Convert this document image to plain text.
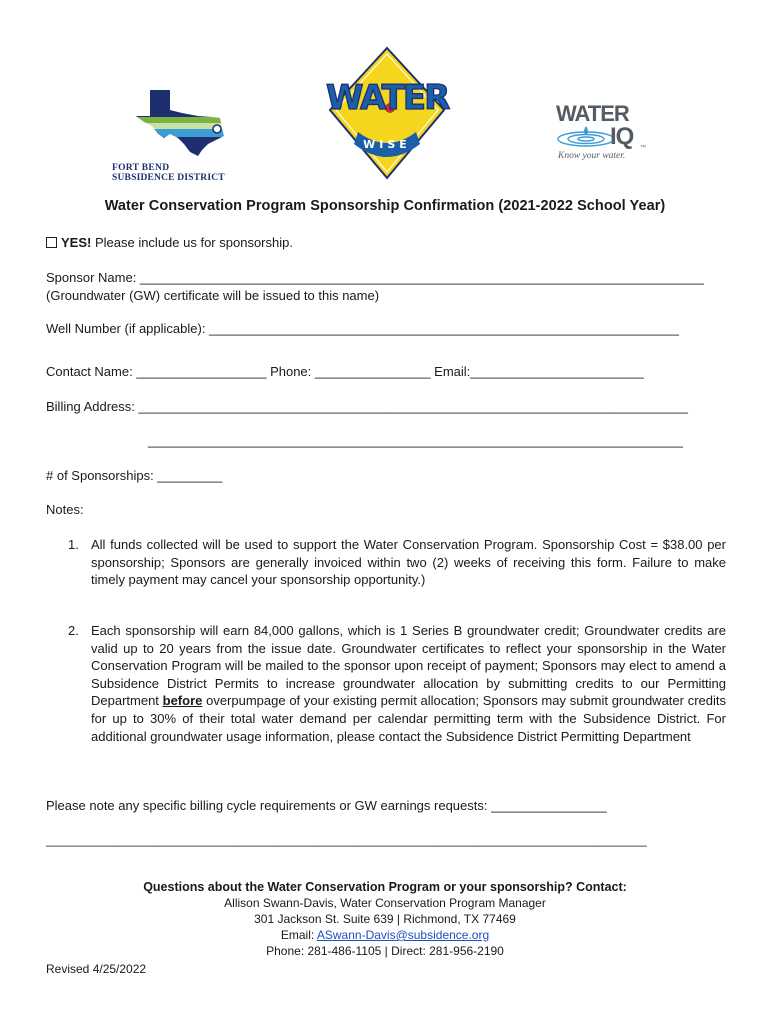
FORT BEND
SUBSIDENCE DISTRICT
WATER
WISE
WATER
IQ ™
Know your water.
Water Conservation Program Sponsorship Confirmation (2021-2022 School Year)
YES! Please include us for sponsorship.
Sponsor Name: ______________________________________________________________________________
(Groundwater (GW) certificate will be issued to this name)
Well Number (if applicable): _________________________________________________________________
Contact Name: __________________ Phone: ________________ Email:________________________
Billing Address: ____________________________________________________________________________
__________________________________________________________________________
# of Sponsorships: _________
Notes:
1. All funds collected will be used to support the Water Conservation Program. Sponsorship Cost = $38.00 per sponsorship; Sponsors are generally invoiced within two (2) weeks of receiving this form. Failure to make timely payment may cancel your sponsorship opportunity.)
2. Each sponsorship will earn 84,000 gallons, which is 1 Series B groundwater credit; Groundwater credits are valid up to 20 years from the issue date. Groundwater certificates to reflect your sponsorship in the Water Conservation Program will be mailed to the sponsor upon receipt of payment; Sponsors may elect to amend a Subsidence District Permits to increase groundwater allocation by submitting credits to our Permitting Department before overpumpage of your existing permit allocation; Sponsors may submit groundwater credits for up to 30% of their total water demand per calendar permitting term with the Subsidence District. For additional groundwater usage information, please contact the Subsidence District Permitting Department
Please note any specific billing cycle requirements or GW earnings requests: ________________
__________________________________________________________________________________________
Questions about the Water Conservation Program or your sponsorship? Contact:
Allison Swann-Davis, Water Conservation Program Manager
301 Jackson St. Suite 639 | Richmond, TX 77469
Email: ASwann-Davis@subsidence.org
Phone: 281-486-1105 | Direct: 281-956-2190
Revised 4/25/2022
